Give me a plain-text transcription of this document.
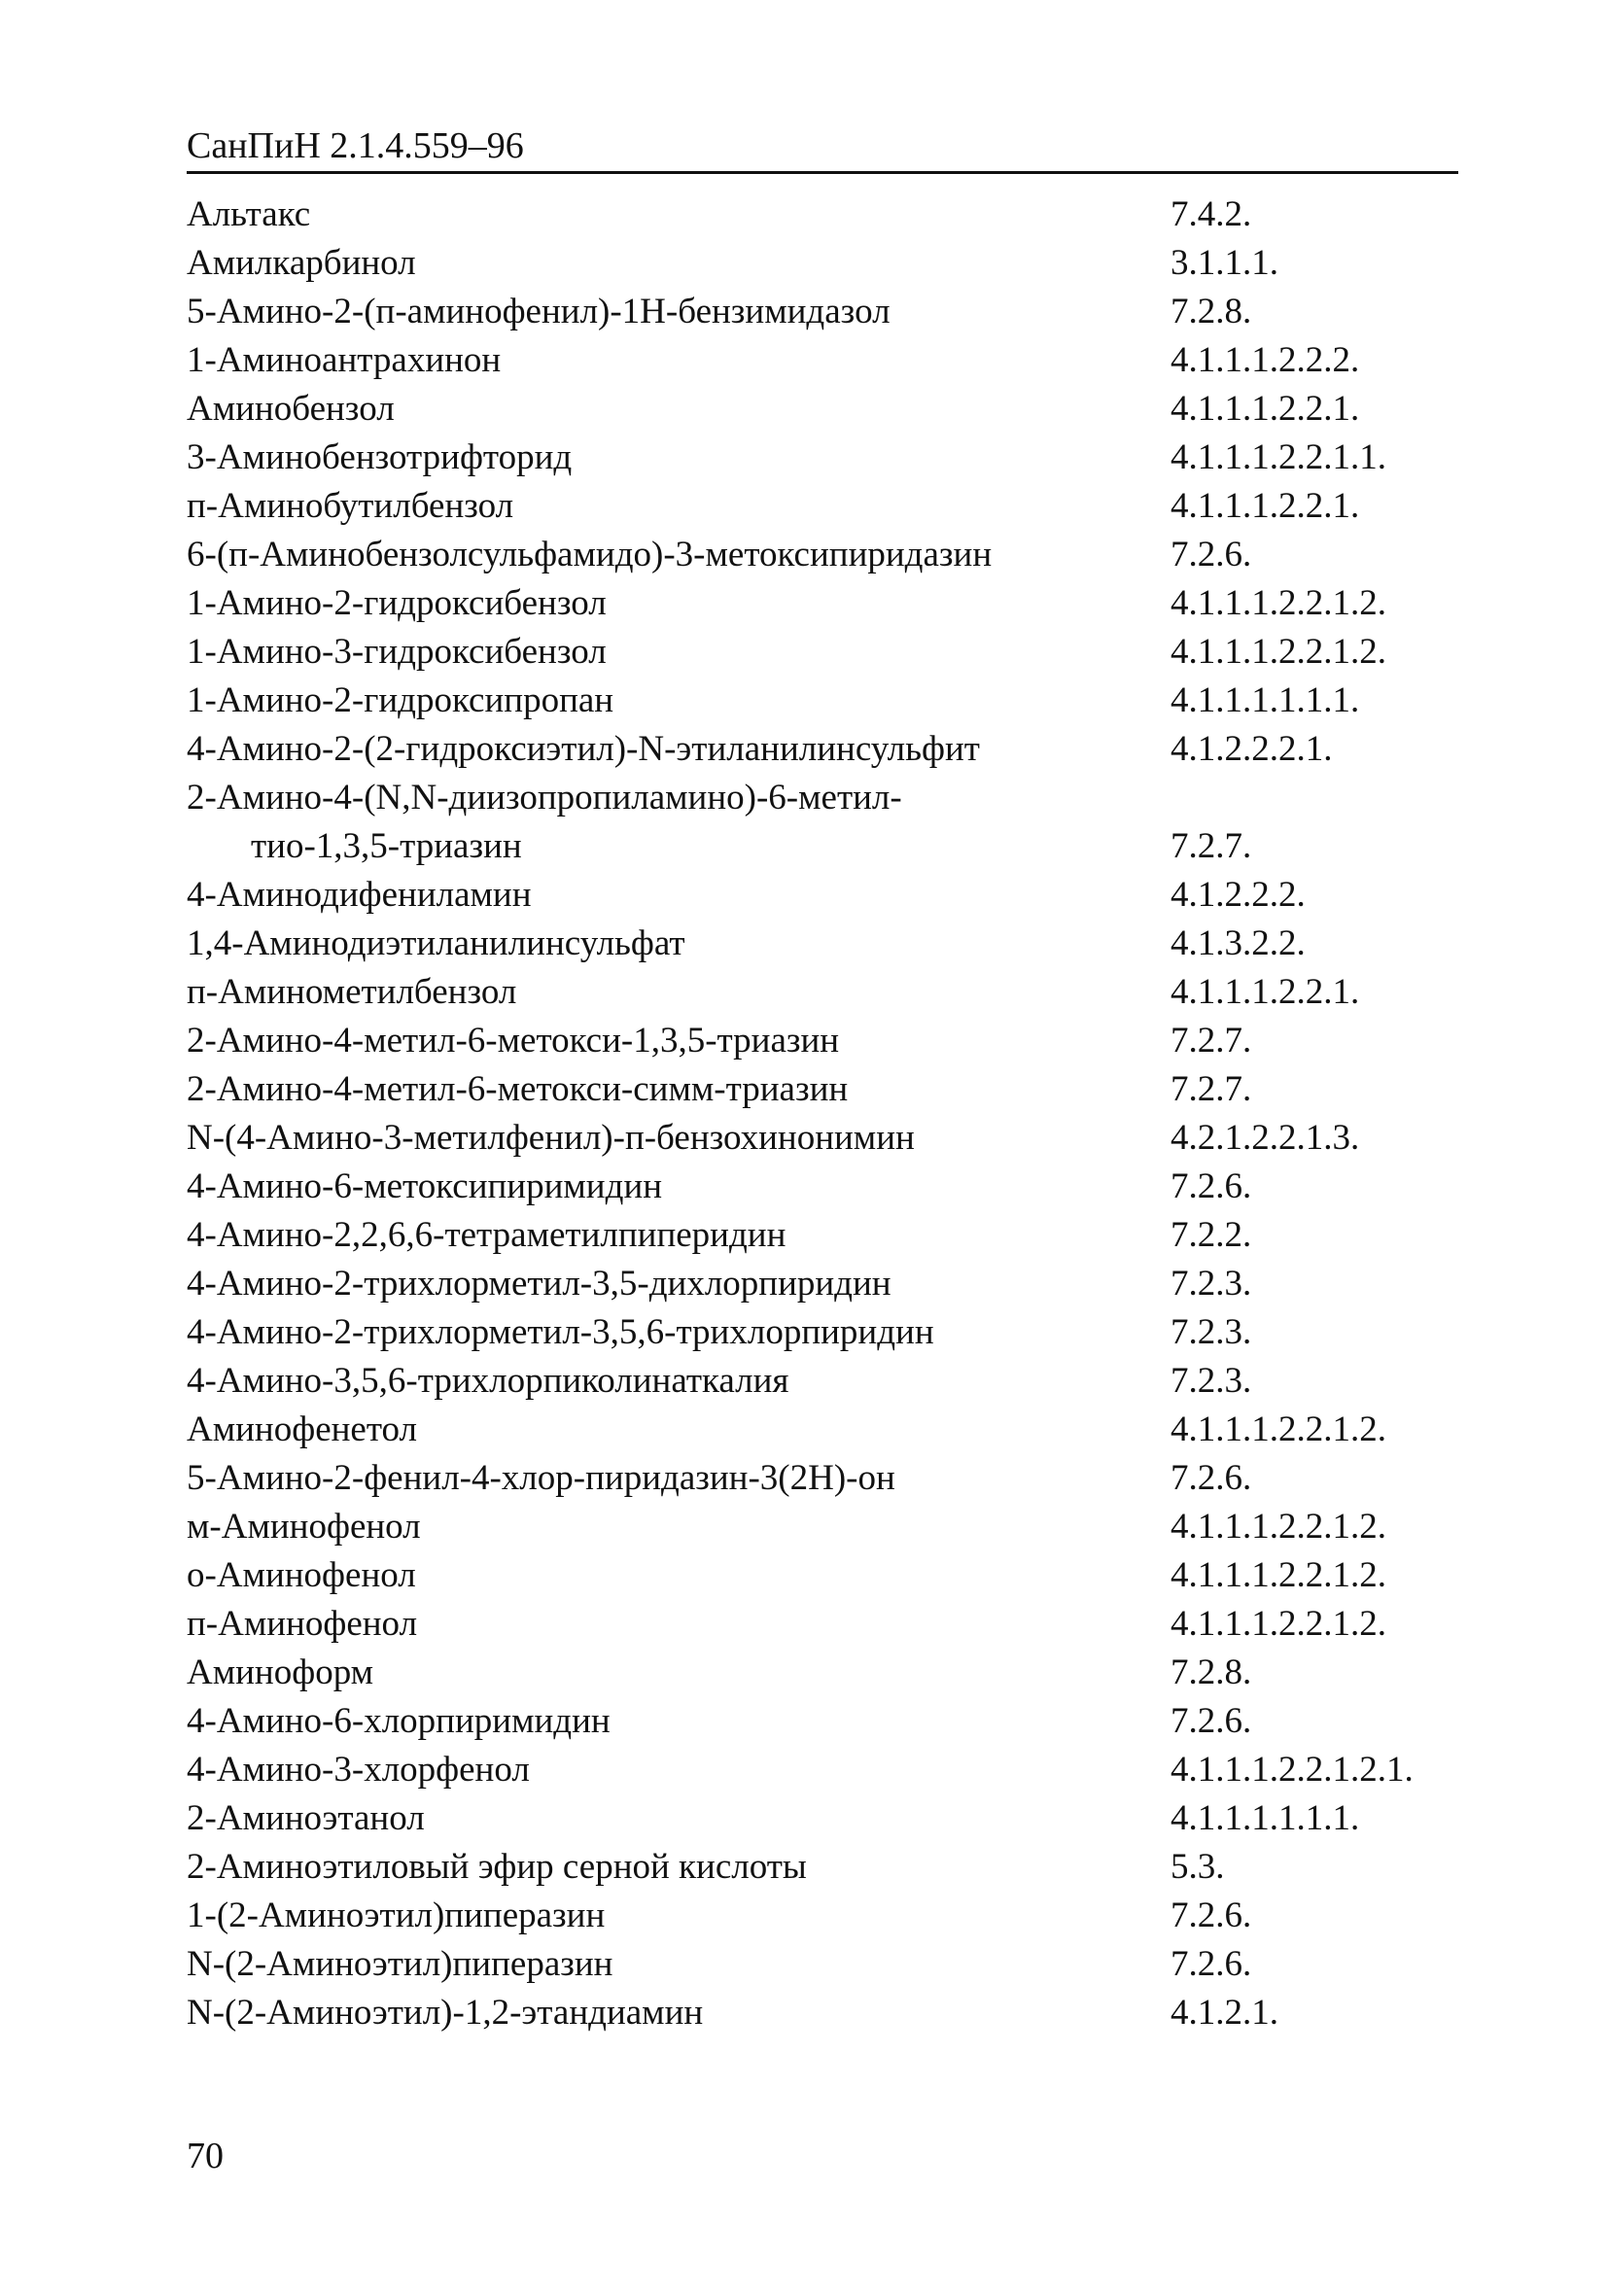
СанПиН 2.1.4.559–96
Альтакс	7.4.2.
Амилкарбинол	3.1.1.1.
5-Амино-2-(п-аминофенил)-1Н-бензимидазол	7.2.8.
1-Аминоантрахинон	4.1.1.1.2.2.2.
Аминобензол	4.1.1.1.2.2.1.
3-Аминобензотрифторид	4.1.1.1.2.2.1.1.
п-Аминобутилбензол	4.1.1.1.2.2.1.
6-(п-Аминобензолсульфамидо)-3-метоксипиридазин	7.2.6.
1-Амино-2-гидроксибензол	4.1.1.1.2.2.1.2.
1-Амино-3-гидроксибензол	4.1.1.1.2.2.1.2.
1-Амино-2-гидроксипропан	4.1.1.1.1.1.1.
4-Амино-2-(2-гидроксиэтил)-N-этиланилинсульфит	4.1.2.2.2.1.
2-Амино-4-(N,N-диизопропиламино)-6-метил-
тио-1,3,5-триазин	7.2.7.
4-Аминодифениламин	4.1.2.2.2.
1,4-Аминодиэтиланилинсульфат	4.1.3.2.2.
п-Аминометилбензол	4.1.1.1.2.2.1.
2-Амино-4-метил-6-метокси-1,3,5-триазин	7.2.7.
2-Амино-4-метил-6-метокси-симм-триазин	7.2.7.
N-(4-Амино-3-метилфенил)-п-бензохинонимин	4.2.1.2.2.1.3.
4-Амино-6-метоксипиримидин	7.2.6.
4-Амино-2,2,6,6-тетраметилпиперидин	7.2.2.
4-Амино-2-трихлорметил-3,5-дихлорпиридин	7.2.3.
4-Амино-2-трихлорметил-3,5,6-трихлорпиридин	7.2.3.
4-Амино-3,5,6-трихлорпиколинаткалия	7.2.3.
Аминофенетол	4.1.1.1.2.2.1.2.
5-Амино-2-фенил-4-хлор-пиридазин-3(2Н)-он	7.2.6.
м-Аминофенол	4.1.1.1.2.2.1.2.
о-Аминофенол	4.1.1.1.2.2.1.2.
п-Аминофенол	4.1.1.1.2.2.1.2.
Аминоформ	7.2.8.
4-Амино-6-хлорпиримидин	7.2.6.
4-Амино-3-хлорфенол	4.1.1.1.2.2.1.2.1.
2-Аминоэтанол	4.1.1.1.1.1.1.
2-Аминоэтиловый эфир серной кислоты	5.3.
1-(2-Аминоэтил)пиперазин	7.2.6.
N-(2-Аминоэтил)пиперазин	7.2.6.
N-(2-Аминоэтил)-1,2-этандиамин	4.1.2.1.
70
